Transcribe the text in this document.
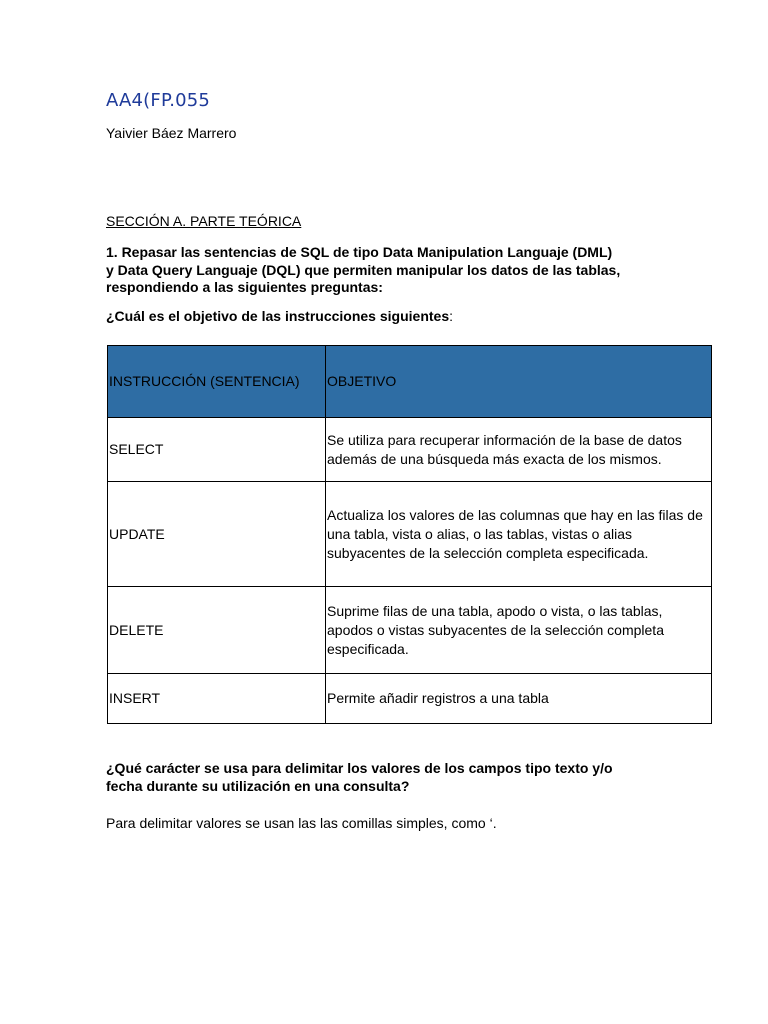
AA4(FP.055
Yaivier Báez Marrero
SECCIÓN A. PARTE TEÓRICA
1. Repasar las sentencias de SQL de tipo Data Manipulation Languaje (DML)
y Data Query Languaje (DQL) que permiten manipular los datos de las tablas,
respondiendo a las siguientes preguntas:
¿Cuál es el objetivo de las instrucciones siguientes:
INSTRUCCIÓN (SENTENCIA)	OBJETIVO
SELECT	Se utiliza para recuperar información de la base de datos además de una búsqueda más exacta de los mismos.
UPDATE	Actualiza los valores de las columnas que hay en las filas de una tabla, vista o alias, o las tablas, vistas o alias subyacentes de la selección completa especificada.
DELETE	Suprime filas de una tabla, apodo o vista, o las tablas, apodos o vistas subyacentes de la selección completa especificada.
INSERT	Permite añadir registros a una tabla
¿Qué carácter se usa para delimitar los valores de los campos tipo texto y/o
fecha durante su utilización en una consulta?
Para delimitar valores se usan las las comillas simples, como ‘.
